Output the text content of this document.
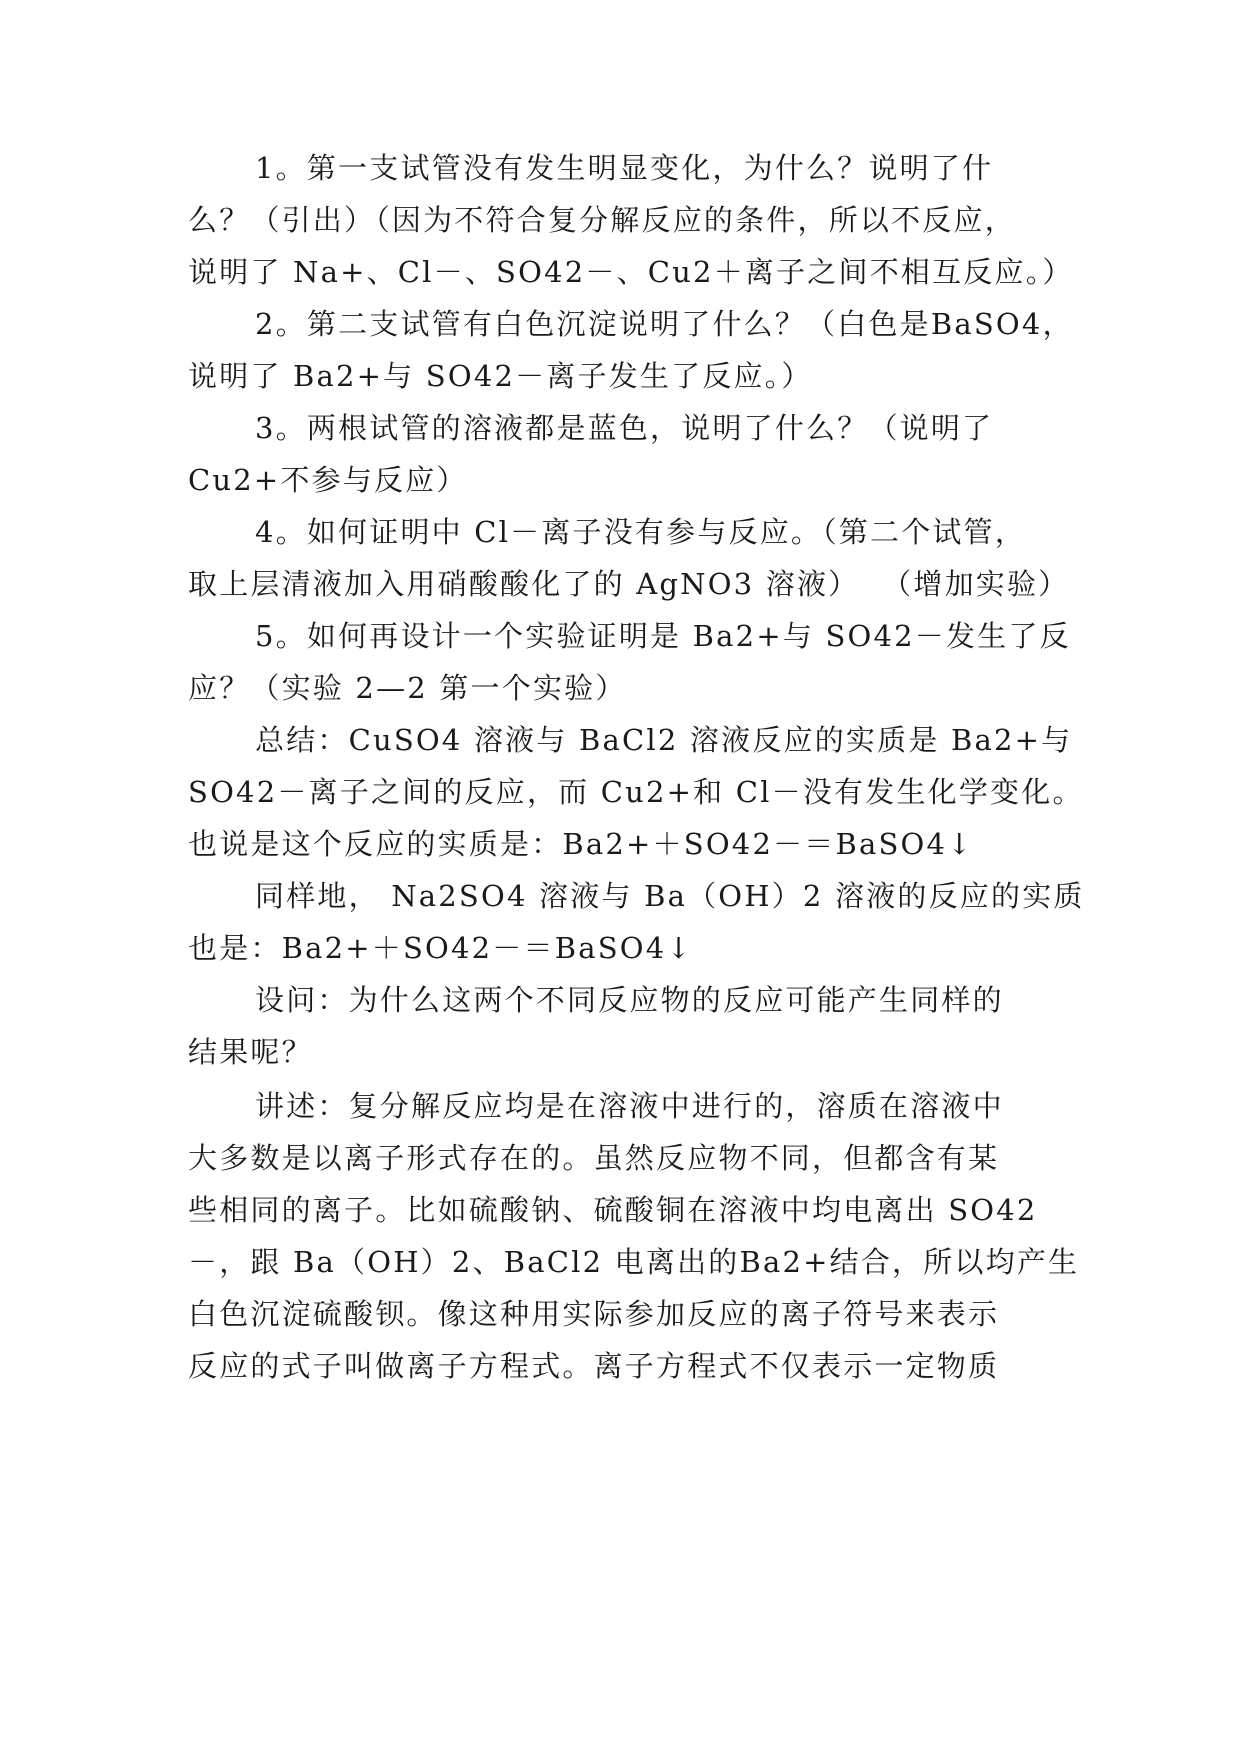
1。第一支试管没有发生明显变化，为什么？说明了什
么？（引出）（因为不符合复分解反应的条件，所以不反应，
说明了 Na+、Cl－、SO42－、Cu2＋离子之间不相互反应。）
2。第二支试管有白色沉淀说明了什么？（白色是BaSO4，
说明了 Ba2+与 SO42－离子发生了反应。）
3。两根试管的溶液都是蓝色，说明了什么？（说明了
Cu2+不参与反应）
4。如何证明中 Cl－离子没有参与反应。（第二个试管，
取上层清液加入用硝酸酸化了的 AgNO3 溶液）  （增加实验）
5。如何再设计一个实验证明是 Ba2+与 SO42－发生了反
应？（实验 2—2 第一个实验）
总结：CuSO4 溶液与 BaCl2 溶液反应的实质是 Ba2+与
SO42－离子之间的反应，而 Cu2+和 Cl－没有发生化学变化。
也说是这个反应的实质是：Ba2+＋SO42－＝BaSO4↓
同样地， Na2SO4 溶液与 Ba（OH）2 溶液的反应的实质
也是：Ba2+＋SO42－＝BaSO4↓
设问：为什么这两个不同反应物的反应可能产生同样的
结果呢？
讲述：复分解反应均是在溶液中进行的，溶质在溶液中
大多数是以离子形式存在的。虽然反应物不同，但都含有某
些相同的离子。比如硫酸钠、硫酸铜在溶液中均电离出 SO42
－，跟 Ba（OH）2、BaCl2 电离出的Ba2+结合，所以均产生
白色沉淀硫酸钡。像这种用实际参加反应的离子符号来表示
反应的式子叫做离子方程式。离子方程式不仅表示一定物质
